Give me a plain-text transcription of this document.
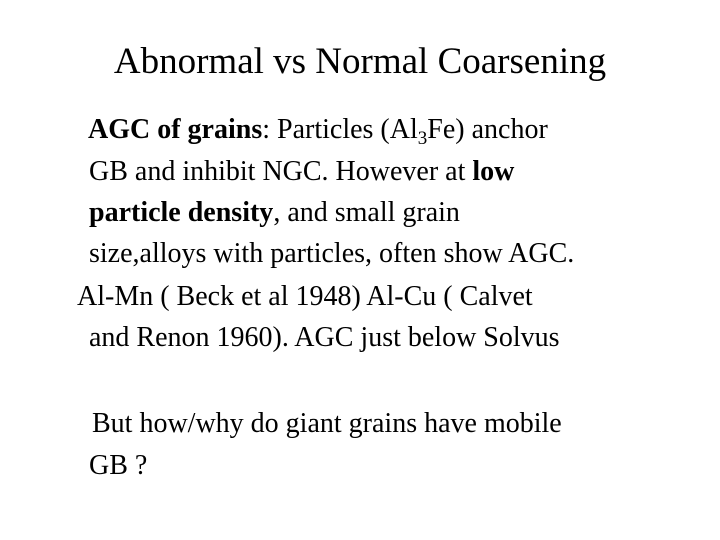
Abnormal vs Normal Coarsening
AGC of grains: Particles $(Al_3Fe)$ anchor
GB and inhibit NGC. However at low
particle density, and small grain
size,alloys with particles, often show AGC.
Al-Mn ( Beck et al 1948) Al-Cu ( Calvet
and Renon 1960). AGC just below Solvus
But how/why do giant grains have mobile
GB ?
